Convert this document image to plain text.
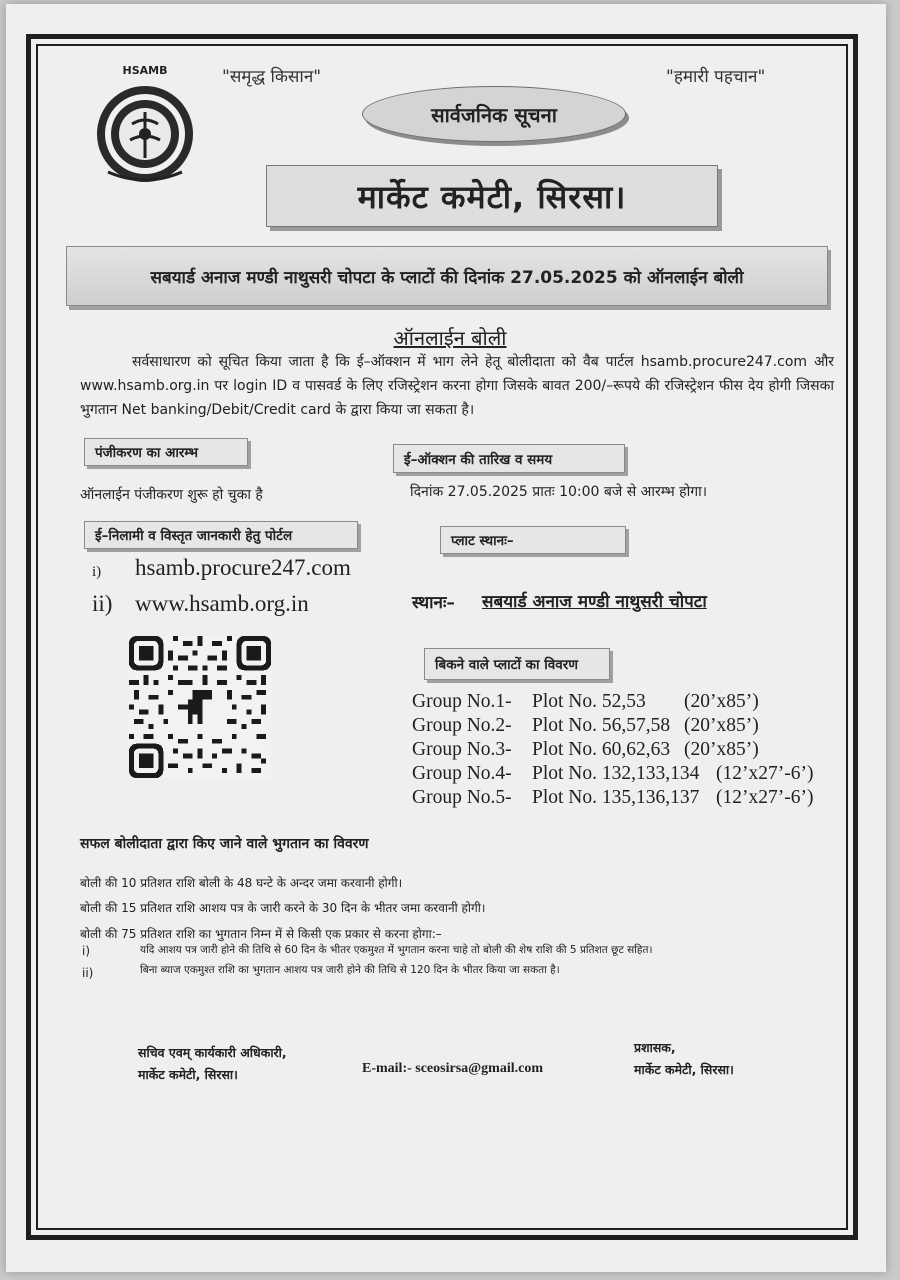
HSAMB	"समृद्ध किसान"	"हमारी पहचान"
सार्वजनिक सूचना
मार्केट कमेटी, सिरसा।
सबयार्ड अनाज मण्डी नाथुसरी चोपटा के प्लाटों की दिनांक 27.05.2025 को ऑनलाईन बोली
ऑनलाईन बोली
सर्वसाधारण को सूचित किया जाता है कि ई–ऑक्शन में भाग लेने हेतू बोलीदाता को वैब पार्टल hsamb.procure247.com और www.hsamb.org.in पर login ID व पासवर्ड के लिए रजिस्ट्रेशन करना होगा जिसके बावत 200/–रूपये की रजिस्ट्रेशन फीस देय होगी जिसका भुगतान Net banking/Debit/Credit card के द्वारा किया जा सकता है।
पंजीकरण का आरम्भ
ऑनलाईन पंजीकरण शुरू हो चुका है
ई–ऑक्शन की तारिख व समय
दिनांक 27.05.2025 प्रातः 10:00 बजे से आरम्भ होगा।
ई–निलामी व विस्तृत जानकारी हेतु पोर्टल
i) hsamb.procure247.com
ii) www.hsamb.org.in
प्लाट स्थानः–
स्थानः– सबयार्ड अनाज मण्डी नाथुसरी चोपटा
बिकने वाले प्लाटों का विवरण
Group No.1-	Plot No. 52,53	(20’x85’)
Group No.2-	Plot No. 56,57,58 (20’x85’)
Group No.3-	Plot No. 60,62,63 (20’x85’)
Group No.4-	Plot No. 132,133,134 (12’x27’-6’)
Group No.5-	Plot No. 135,136,137 (12’x27’-6’)
सफल बोलीदाता द्वारा किए जाने वाले भुगतान का विवरण
बोली की 10 प्रतिशत राशि बोली के 48 घन्टे के अन्दर जमा करवानी होगी।
बोली की 15 प्रतिशत राशि आशय पत्र के जारी करने के 30 दिन के भीतर जमा करवानी होगी।
बोली की 75 प्रतिशत राशि का भुगतान निम्न में से किसी एक प्रकार से करना होगा:–
i)	यदि आशय पत्र जारी होने की तिथि से 60 दिन के भीतर एकमुश्त में भुगतान करना चाहे तो बोली की शेष राशि की 5 प्रतिशत छूट सहित।
ii)	बिना ब्याज एकमुश्त राशि का भुगतान आशय पत्र जारी होने की तिथि से 120 दिन के भीतर किया जा सकता है।
सचिव एवम् कार्यकारी अधिकारी,
मार्केट कमेटी, सिरसा।	E-mail:- sceosirsa@gmail.com
प्रशासक,
मार्केट कमेटी, सिरसा।
